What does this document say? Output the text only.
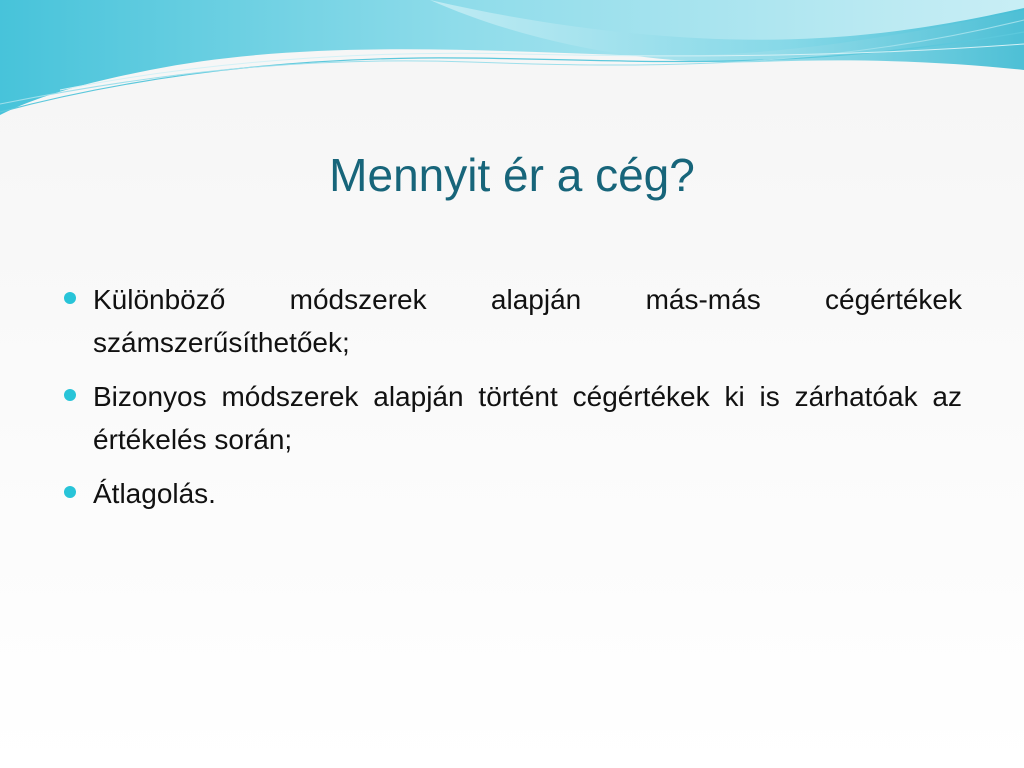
Mennyit ér a cég?
Különböző módszerek alapján más-más cégértékek számszerűsíthetőek;
Bizonyos módszerek alapján történt cégértékek ki is zárhatóak az értékelés során;
Átlagolás.
